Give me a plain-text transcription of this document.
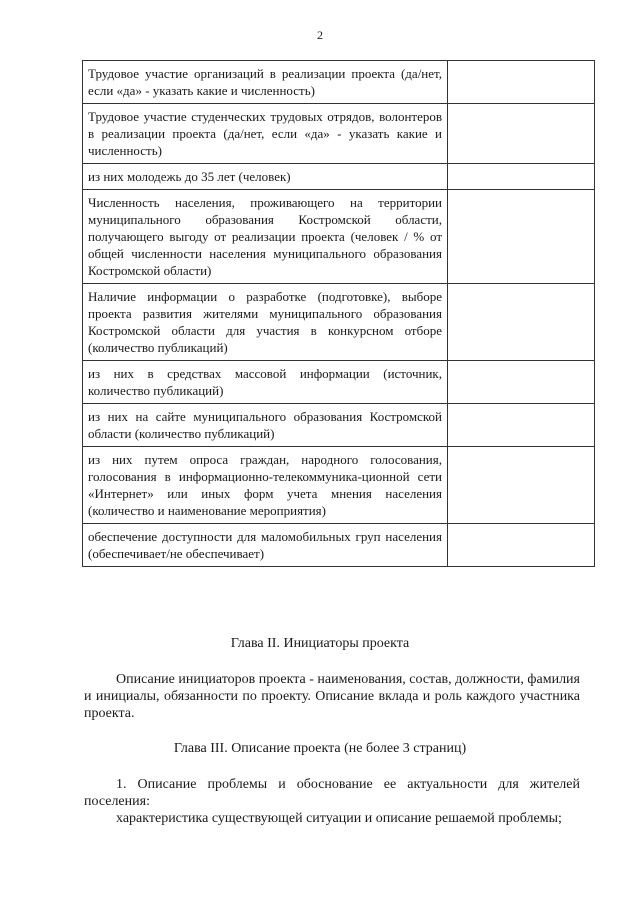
2
Трудовое участие организаций в реализации проекта (да/нет, если «да» - указать какие и численность)	
Трудовое участие студенческих трудовых отрядов, волонтеров в реализации проекта (да/нет, если «да» - указать какие и численность)	
из них молодежь до 35 лет (человек)	
Численность населения, проживающего на территории муниципального образования Костромской области, получающего выгоду от реализации проекта (человек / % от общей численности населения муниципального образования Костромской области)	
Наличие информации о разработке (подготовке), выборе проекта развития жителями муниципального образования Костромской области для участия в конкурсном отборе (количество публикаций)	
из них в средствах массовой информации (источник, количество публикаций)	
из них на сайте муниципального образования Костромской области (количество публикаций)	
из них путем опроса граждан, народного голосования, голосования в информационно-телекоммуника-ционной сети «Интернет» или иных форм учета мнения населения (количество и наименование мероприятия)	
обеспечение доступности для маломобильных груп населения (обеспечивает/не обеспечивает)	
Глава II. Инициаторы проекта
Описание инициаторов проекта - наименования, состав, должности, фамилия и инициалы, обязанности по проекту. Описание вклада и роль каждого участника проекта.
Глава III. Описание проекта (не более 3 страниц)
1. Описание проблемы и обоснование ее актуальности для жителей поселения:
характеристика существующей ситуации и описание решаемой проблемы;
